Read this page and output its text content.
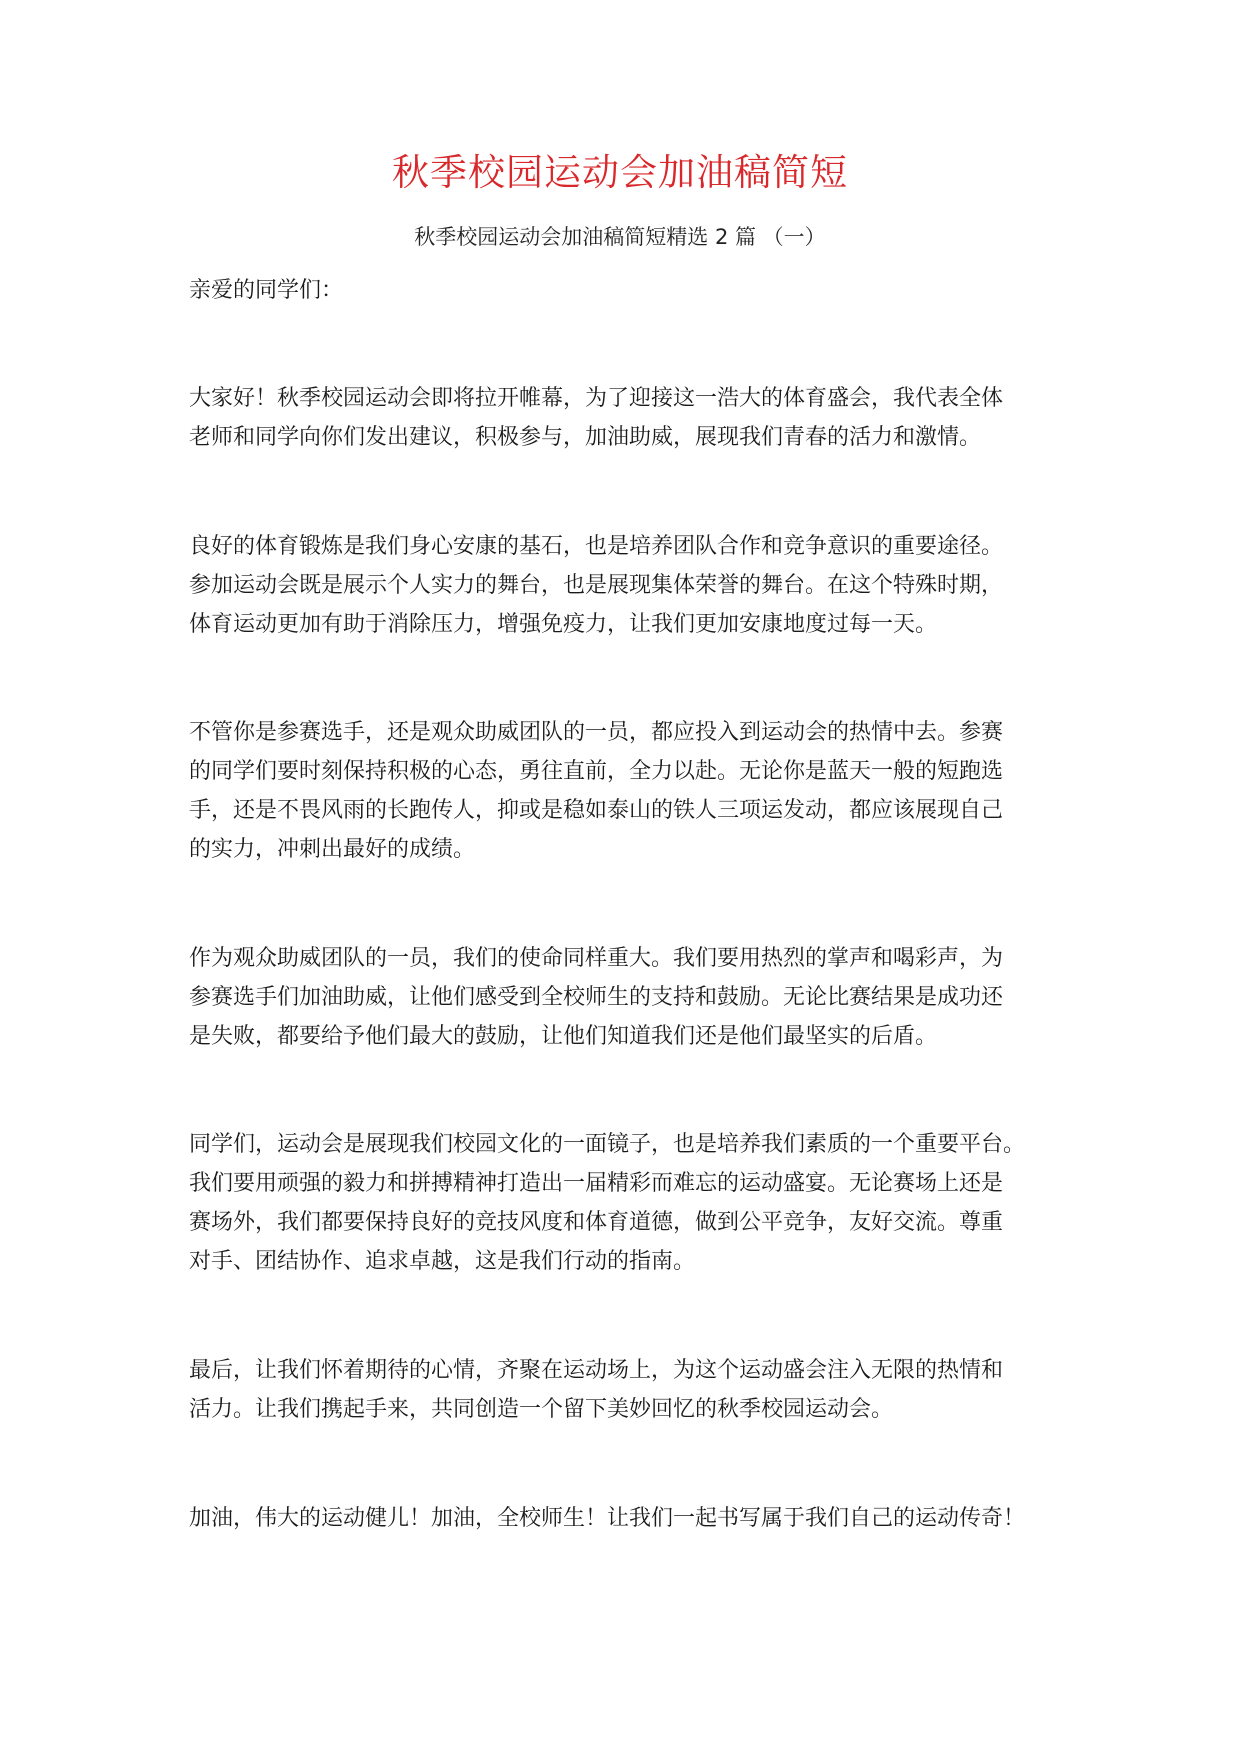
秋季校园运动会加油稿简短
秋季校园运动会加油稿简短精选 2 篇 （一）
亲爱的同学们：
大家好！秋季校园运动会即将拉开帷幕，为了迎接这一浩大的体育盛会，我代表全体
老师和同学向你们发出建议，积极参与，加油助威，展现我们青春的活力和激情。
良好的体育锻炼是我们身心安康的基石，也是培养团队合作和竞争意识的重要途径。
参加运动会既是展示个人实力的舞台，也是展现集体荣誉的舞台。在这个特殊时期，
体育运动更加有助于消除压力，增强免疫力，让我们更加安康地度过每一天。
不管你是参赛选手，还是观众助威团队的一员，都应投入到运动会的热情中去。参赛
的同学们要时刻保持积极的心态，勇往直前，全力以赴。无论你是蓝天一般的短跑选
手，还是不畏风雨的长跑传人，抑或是稳如泰山的铁人三项运发动，都应该展现自己
的实力，冲刺出最好的成绩。
作为观众助威团队的一员，我们的使命同样重大。我们要用热烈的掌声和喝彩声，为
参赛选手们加油助威，让他们感受到全校师生的支持和鼓励。无论比赛结果是成功还
是失败，都要给予他们最大的鼓励，让他们知道我们还是他们最坚实的后盾。
同学们，运动会是展现我们校园文化的一面镜子，也是培养我们素质的一个重要平台。
我们要用顽强的毅力和拼搏精神打造出一届精彩而难忘的运动盛宴。无论赛场上还是
赛场外，我们都要保持良好的竞技风度和体育道德，做到公平竞争，友好交流。尊重
对手、团结协作、追求卓越，这是我们行动的指南。
最后，让我们怀着期待的心情，齐聚在运动场上，为这个运动盛会注入无限的热情和
活力。让我们携起手来，共同创造一个留下美妙回忆的秋季校园运动会。
加油，伟大的运动健儿！加油，全校师生！让我们一起书写属于我们自己的运动传奇！
